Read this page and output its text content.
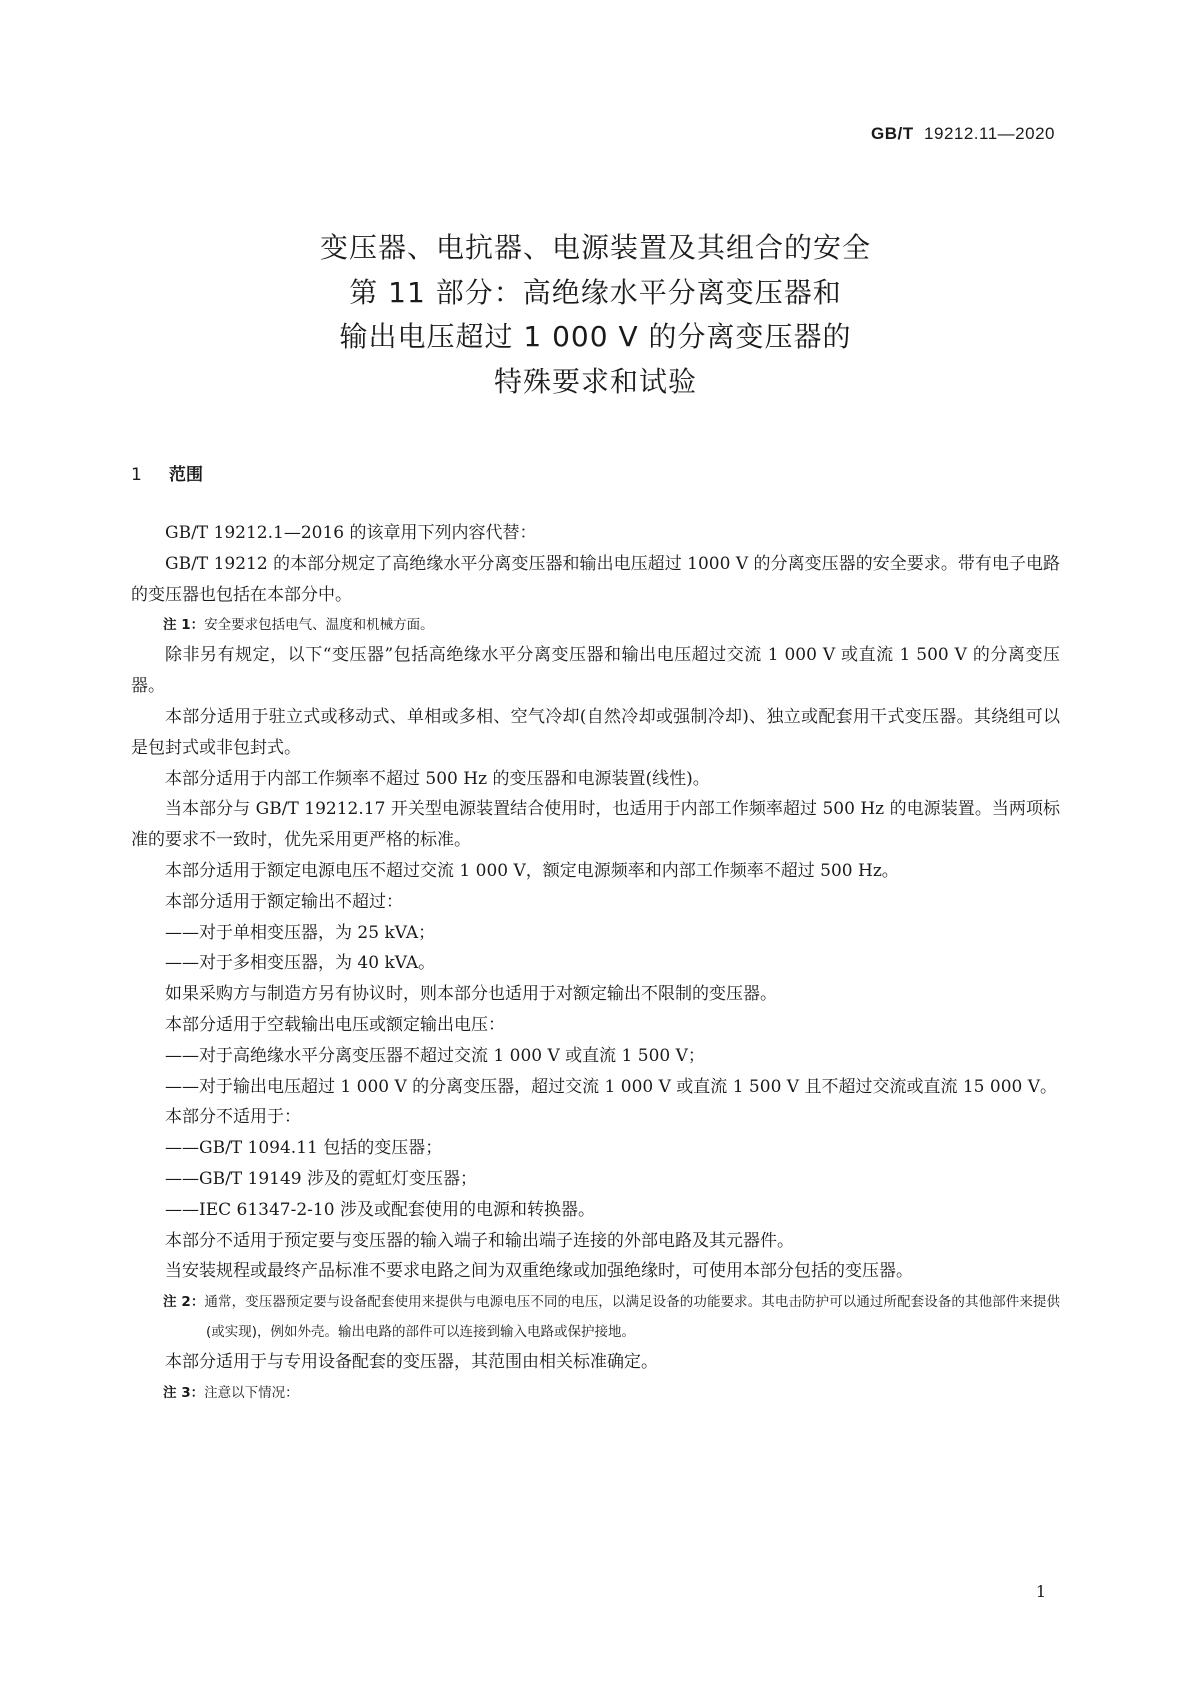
GB/T 19212.11—2020
变压器、电抗器、电源装置及其组合的安全
第 11 部分：高绝缘水平分离变压器和
输出电压超过 1 000 V 的分离变压器的
特殊要求和试验
1 范围

GB/T 19212.1—2016 的该章用下列内容代替：

GB/T 19212 的本部分规定了高绝缘水平分离变压器和输出电压超过 1000 V 的分离变压器的安全要求。带有电子电路的变压器也包括在本部分中。

注 1：安全要求包括电气、温度和机械方面。

除非另有规定，以下“变压器”包括高绝缘水平分离变压器和输出电压超过交流 1 000 V 或直流 1 500 V 的分离变压器。

本部分适用于驻立式或移动式、单相或多相、空气冷却(自然冷却或强制冷却)、独立或配套用干式变压器。其绕组可以是包封式或非包封式。

本部分适用于内部工作频率不超过 500 Hz 的变压器和电源装置(线性)。

当本部分与 GB/T 19212.17 开关型电源装置结合使用时，也适用于内部工作频率超过 500 Hz 的电源装置。当两项标准的要求不一致时，优先采用更严格的标准。

本部分适用于额定电源电压不超过交流 1 000 V，额定电源频率和内部工作频率不超过 500 Hz。

本部分适用于额定输出不超过：

——对于单相变压器，为 25 kVA；

——对于多相变压器，为 40 kVA。

如果采购方与制造方另有协议时，则本部分也适用于对额定输出不限制的变压器。

本部分适用于空载输出电压或额定输出电压：

——对于高绝缘水平分离变压器不超过交流 1 000 V 或直流 1 500 V；

——对于输出电压超过 1 000 V 的分离变压器，超过交流 1 000 V 或直流 1 500 V 且不超过交流或直流 15 000 V。

本部分不适用于：

——GB/T 1094.11 包括的变压器；

——GB/T 19149 涉及的霓虹灯变压器；

——IEC 61347-2-10 涉及或配套使用的电源和转换器。

本部分不适用于预定要与变压器的输入端子和输出端子连接的外部电路及其元器件。

当安装规程或最终产品标准不要求电路之间为双重绝缘或加强绝缘时，可使用本部分包括的变压器。

注 2：通常，变压器预定要与设备配套使用来提供与电源电压不同的电压，以满足设备的功能要求。其电击防护可以通过所配套设备的其他部件来提供(或实现)，例如外壳。输出电路的部件可以连接到输入电路或保护接地。

本部分适用于与专用设备配套的变压器，其范围由相关标准确定。

注 3：注意以下情况：

1
